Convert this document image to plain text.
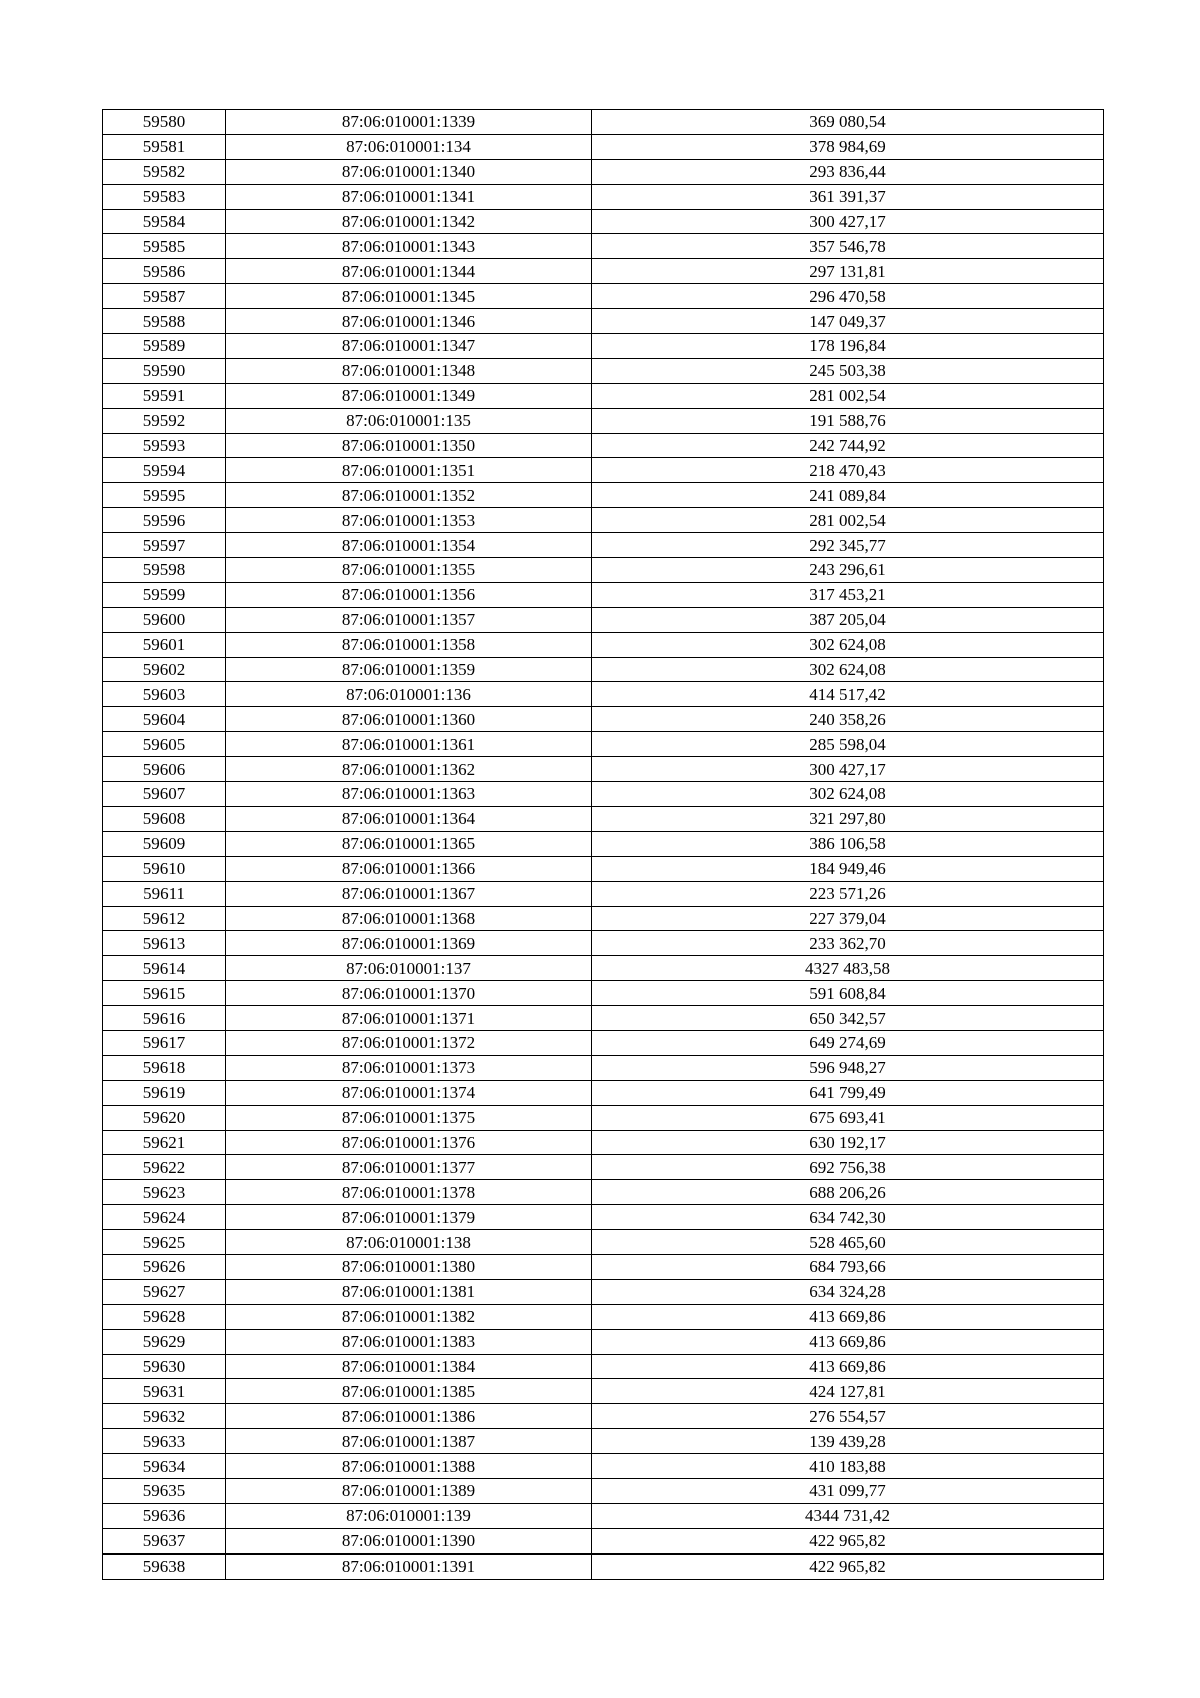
59580	87:06:010001:1339	369 080,54
59581	87:06:010001:134	378 984,69
59582	87:06:010001:1340	293 836,44
59583	87:06:010001:1341	361 391,37
59584	87:06:010001:1342	300 427,17
59585	87:06:010001:1343	357 546,78
59586	87:06:010001:1344	297 131,81
59587	87:06:010001:1345	296 470,58
59588	87:06:010001:1346	147 049,37
59589	87:06:010001:1347	178 196,84
59590	87:06:010001:1348	245 503,38
59591	87:06:010001:1349	281 002,54
59592	87:06:010001:135	191 588,76
59593	87:06:010001:1350	242 744,92
59594	87:06:010001:1351	218 470,43
59595	87:06:010001:1352	241 089,84
59596	87:06:010001:1353	281 002,54
59597	87:06:010001:1354	292 345,77
59598	87:06:010001:1355	243 296,61
59599	87:06:010001:1356	317 453,21
59600	87:06:010001:1357	387 205,04
59601	87:06:010001:1358	302 624,08
59602	87:06:010001:1359	302 624,08
59603	87:06:010001:136	414 517,42
59604	87:06:010001:1360	240 358,26
59605	87:06:010001:1361	285 598,04
59606	87:06:010001:1362	300 427,17
59607	87:06:010001:1363	302 624,08
59608	87:06:010001:1364	321 297,80
59609	87:06:010001:1365	386 106,58
59610	87:06:010001:1366	184 949,46
59611	87:06:010001:1367	223 571,26
59612	87:06:010001:1368	227 379,04
59613	87:06:010001:1369	233 362,70
59614	87:06:010001:137	4327 483,58
59615	87:06:010001:1370	591 608,84
59616	87:06:010001:1371	650 342,57
59617	87:06:010001:1372	649 274,69
59618	87:06:010001:1373	596 948,27
59619	87:06:010001:1374	641 799,49
59620	87:06:010001:1375	675 693,41
59621	87:06:010001:1376	630 192,17
59622	87:06:010001:1377	692 756,38
59623	87:06:010001:1378	688 206,26
59624	87:06:010001:1379	634 742,30
59625	87:06:010001:138	528 465,60
59626	87:06:010001:1380	684 793,66
59627	87:06:010001:1381	634 324,28
59628	87:06:010001:1382	413 669,86
59629	87:06:010001:1383	413 669,86
59630	87:06:010001:1384	413 669,86
59631	87:06:010001:1385	424 127,81
59632	87:06:010001:1386	276 554,57
59633	87:06:010001:1387	139 439,28
59634	87:06:010001:1388	410 183,88
59635	87:06:010001:1389	431 099,77
59636	87:06:010001:139	4344 731,42
59637	87:06:010001:1390	422 965,82
59638	87:06:010001:1391	422 965,82
